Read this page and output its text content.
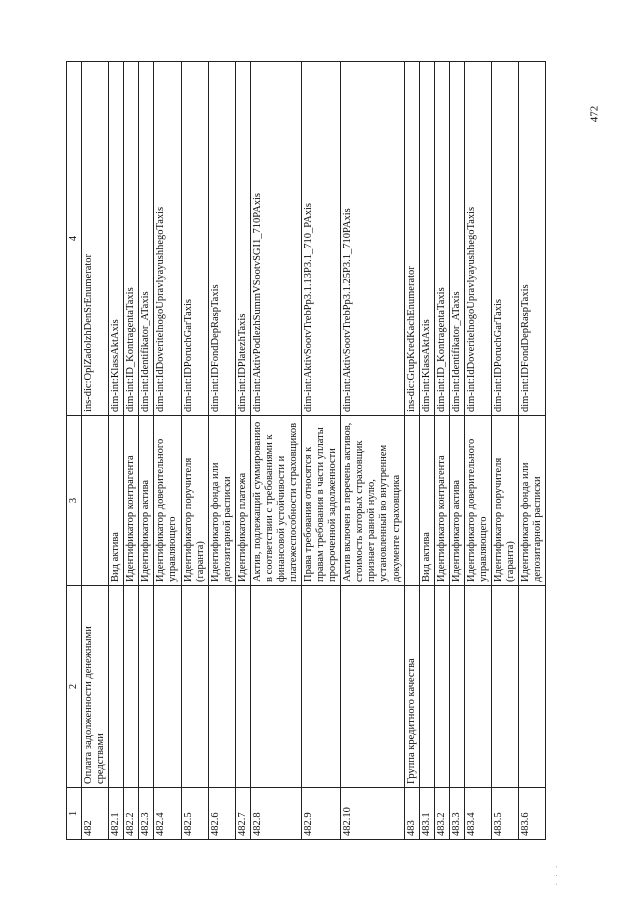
472
· · ·
1	2	3	4
482	Оплата задолженности денежными средствами		ins-dic:OplZadolzhDenSrEnumerator
482.1		Вид актива	dim-int:KlassAktAxis
482.2		Идентификатор контрагента	dim-int:ID_KontragentaTaxis
482.3		Идентификатор актива	dim-int:Identifikator_ATaxis
482.4		Идентификатор доверительного управляющего	dim-int:IdDoveritelnogoUpravlyayushhegoTaxis
482.5		Идентификатор поручителя (гаранта)	dim-int:IDPoruchGarTaxis
482.6		Идентификатор фонда или депозитарной расписки	dim-int:IDFondDepRaspTaxis
482.7		Идентификатор платежа	dim-int:IDPlatezhTaxis
482.8		Актив, подлежащий суммированию в соответствии с требованиями к финансовой устойчивости и платежеспособности страховщиков	dim-int:AktivPodlezhSummVSootvSGI1_710PAxis
482.9		Права требования относятся к правам требования в части уплаты просроченной задолженности	dim-int:AktivSootvTrebPp3.1.13P3.1_710_PAxis
482.10		Актив включен в перечень активов, стоимость которых страховщик признает равной нулю, установленный во внутреннем документе страховщика	dim-int:AktivSootvTrebPp3.1.25P3.1_710PAxis
483	Группа кредитного качества		ins-dic:GrupKredKachEnumerator
483.1		Вид актива	dim-int:KlassAktAxis
483.2		Идентификатор контрагента	dim-int:ID_KontragentaTaxis
483.3		Идентификатор актива	dim-int:Identifikator_ATaxis
483.4		Идентификатор доверительного управляющего	dim-int:IdDoveritelnogoUpravlyayushhegoTaxis
483.5		Идентификатор поручителя (гаранта)	dim-int:IDPoruchGarTaxis
483.6		Идентификатор фонда или депозитарной расписки	dim-int:IDFondDepRaspTaxis
